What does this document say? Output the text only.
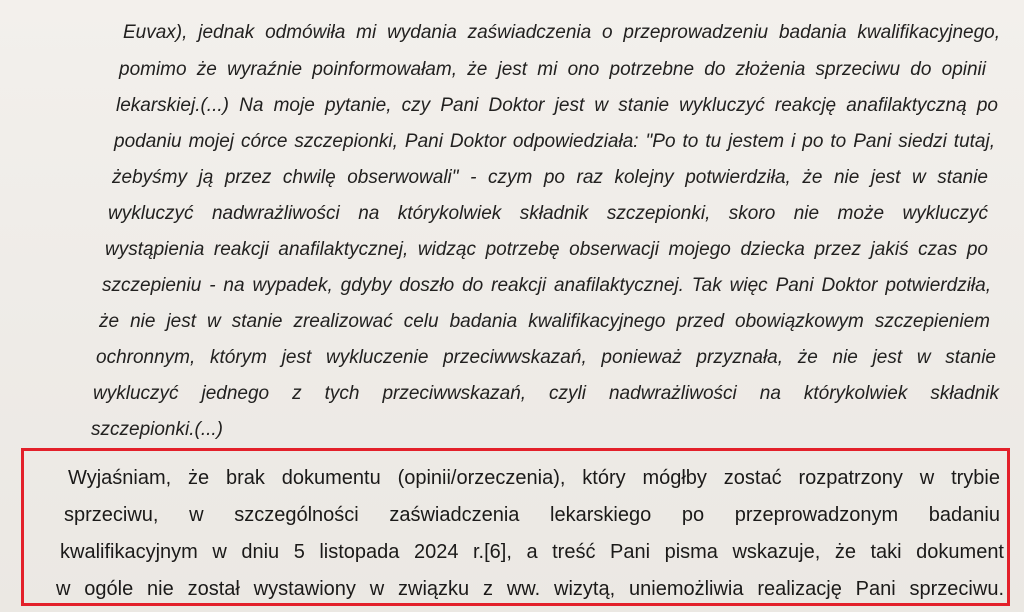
Euvax), jednak odmówiła mi wydania zaświadczenia o przeprowadzeniu badania kwalifikacyjnego,

pomimo że wyraźnie poinformowałam, że jest mi ono potrzebne do złożenia sprzeciwu do opinii

lekarskiej.(...) Na moje pytanie, czy Pani Doktor jest w stanie wykluczyć reakcję anafilaktyczną po

podaniu mojej córce szczepionki, Pani Doktor odpowiedziała: "Po to tu jestem i po to Pani siedzi tutaj,

żebyśmy ją przez chwilę obserwowali" - czym po raz kolejny potwierdziła, że nie jest w stanie

wykluczyć nadwrażliwości na którykolwiek składnik szczepionki, skoro nie może wykluczyć

wystąpienia reakcji anafilaktycznej, widząc potrzebę obserwacji mojego dziecka przez jakiś czas po

szczepieniu - na wypadek, gdyby doszło do reakcji anafilaktycznej. Tak więc Pani Doktor potwierdziła,

że nie jest w stanie zrealizować celu badania kwalifikacyjnego przed obowiązkowym szczepieniem

ochronnym, którym jest wykluczenie przeciwwskazań, ponieważ przyznała, że nie jest w stanie

wykluczyć jednego z tych przeciwwskazań, czyli nadwrażliwości na którykolwiek składnik

szczepionki.(...)

Wyjaśniam, że brak dokumentu (opinii/orzeczenia), który mógłby zostać rozpatrzony w trybie

sprzeciwu, w szczególności zaświadczenia lekarskiego po przeprowadzonym badaniu

kwalifikacyjnym w dniu 5 listopada 2024 r.[6], a treść Pani pisma wskazuje, że taki dokument

w ogóle nie został wystawiony w związku z ww. wizytą, uniemożliwia realizację Pani sprzeciwu.
